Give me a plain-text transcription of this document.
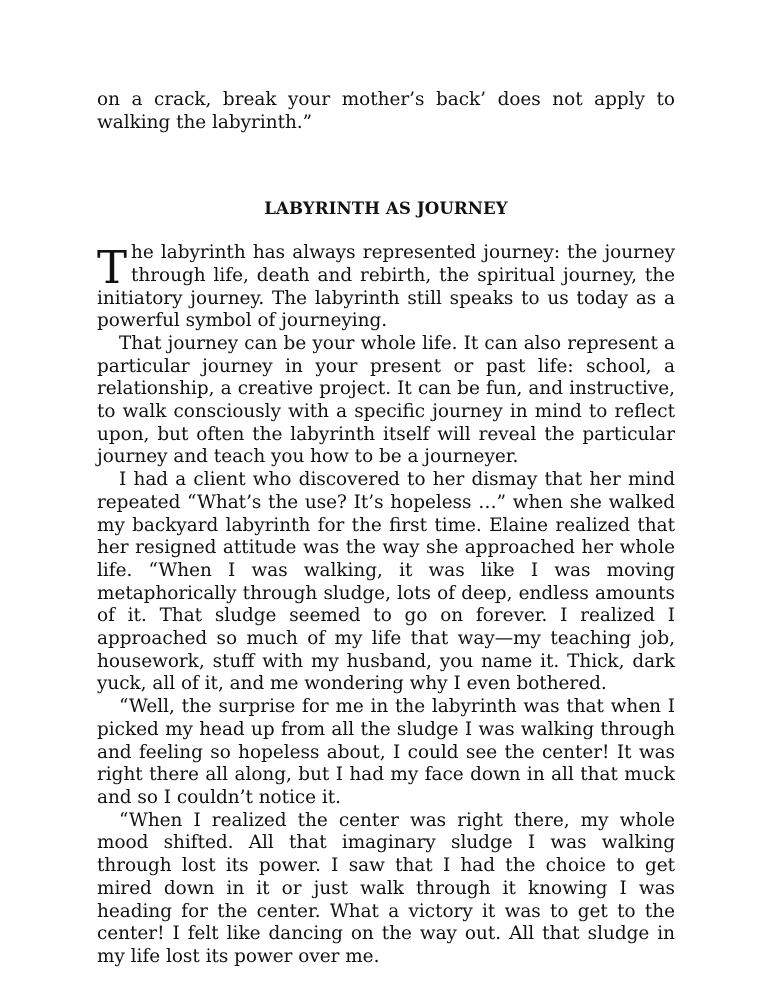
on a crack, break your mother’s back’ does not apply to walking the labyrinth.”

LABYRINTH AS JOURNEY

The labyrinth has always represented journey: the journey through life, death and rebirth, the spiritual journey, the initiatory journey. The labyrinth still speaks to us today as a powerful symbol of journeying.

That journey can be your whole life. It can also represent a particular journey in your present or past life: school, a relationship, a creative project. It can be fun, and instructive, to walk consciously with a specific journey in mind to reflect upon, but often the labyrinth itself will reveal the particular journey and teach you how to be a journeyer.

I had a client who discovered to her dismay that her mind repeated “What’s the use? It’s hopeless …” when she walked my backyard labyrinth for the first time. Elaine realized that her resigned attitude was the way she approached her whole life. “When I was walking, it was like I was moving metaphorically through sludge, lots of deep, endless amounts of it. That sludge seemed to go on forever. I realized I approached so much of my life that way—my teaching job, housework, stuff with my husband, you name it. Thick, dark yuck, all of it, and me wondering why I even bothered.

“Well, the surprise for me in the labyrinth was that when I picked my head up from all the sludge I was walking through and feeling so hopeless about, I could see the center! It was right there all along, but I had my face down in all that muck and so I couldn’t notice it.

“When I realized the center was right there, my whole mood shifted. All that imaginary sludge I was walking through lost its power. I saw that I had the choice to get mired down in it or just walk through it knowing I was heading for the center. What a victory it was to get to the center! I felt like dancing on the way out. All that sludge in my life lost its power over me.
